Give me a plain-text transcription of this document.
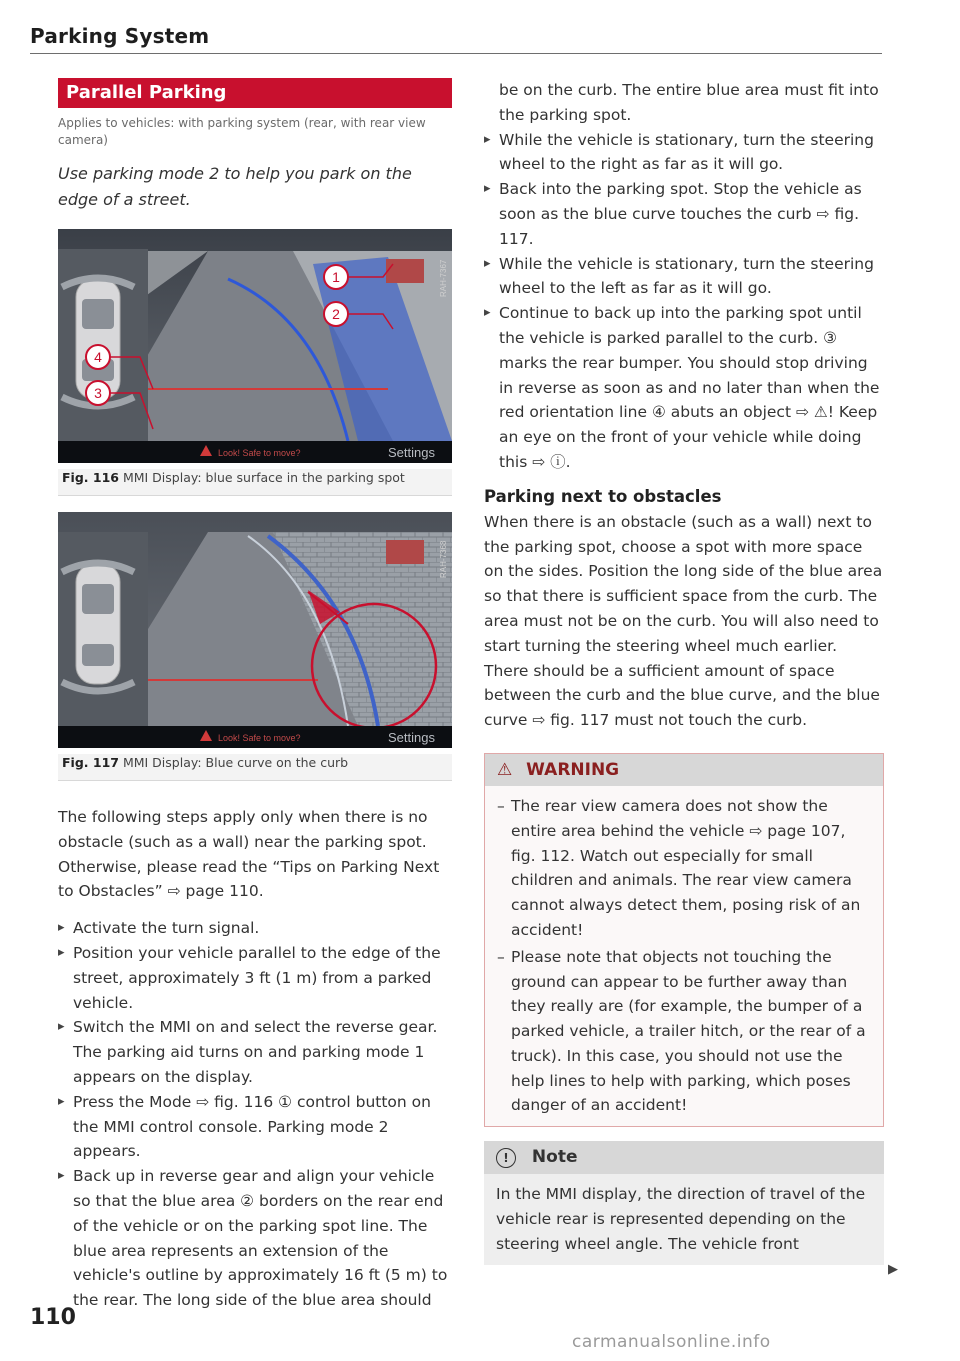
Parking System
Parallel Parking
Applies to vehicles: with parking system (rear, with rear view camera)
Use parking mode 2 to help you park on the edge of a street.
1
2
4
3
Look! Safe to move?	Settings
RAH-7367
Fig. 116 MMI Display: blue surface in the parking spot
Look! Safe to move?	Settings
RAH-7368
Fig. 117 MMI Display: Blue curve on the curb

The following steps apply only when there is no obstacle (such as a wall) near the parking spot. Otherwise, please read the “Tips on Parking Next to Obstacles” ⇨ page 110.

▸ Activate the turn signal.
▸ Position your vehicle parallel to the edge of the street, approximately 3 ft (1 m) from a parked vehicle.
▸ Switch the MMI on and select the reverse gear. The parking aid turns on and parking mode 1 appears on the display.
▸ Press the Mode ⇨ fig. 116 ① control button on the MMI control console. Parking mode 2 appears.
▸ Back up in reverse gear and align your vehicle so that the blue area ② borders on the rear end of the vehicle or on the parking spot line. The blue area represents an extension of the vehicle's outline by approximately 16 ft (5 m) to the rear. The long side of the blue area should

be on the curb. The entire blue area must fit into the parking spot.

▸ While the vehicle is stationary, turn the steering wheel to the right as far as it will go.
▸ Back into the parking spot. Stop the vehicle as soon as the blue curve touches the curb ⇨ fig. 117.
▸ While the vehicle is stationary, turn the steering wheel to the left as far as it will go.
▸ Continue to back up into the parking spot until the vehicle is parked parallel to the curb. ③ marks the rear bumper. You should stop driving in reverse as soon as and no later than when the red orientation line ④ abuts an object ⇨ ⚠! Keep an eye on the front of your vehicle while doing this ⇨ ⓘ.
Parking next to obstacles

When there is an obstacle (such as a wall) next to the parking spot, choose a spot with more space on the sides. Position the long side of the blue area so that there is sufficient space from the curb. The area must not be on the curb. You will also need to start turning the steering wheel much earlier. There should be a sufficient amount of space between the curb and the blue curve, and the blue curve ⇨ fig. 117 must not touch the curb.

⚠ WARNING
– The rear view camera does not show the entire area behind the vehicle ⇨ page 107, fig. 112. Watch out especially for small children and animals. The rear view camera cannot always detect them, posing risk of an accident!
– Please note that objects not touching the ground can appear to be further away than they really are (for example, the bumper of a parked vehicle, a trailer hitch, or the rear of a truck). In this case, you should not use the help lines to help with parking, which poses danger of an accident!
! Note
In the MMI display, the direction of travel of the vehicle rear is represented depending on the steering wheel angle. The vehicle front
▶
110
carmanualsonline.info
